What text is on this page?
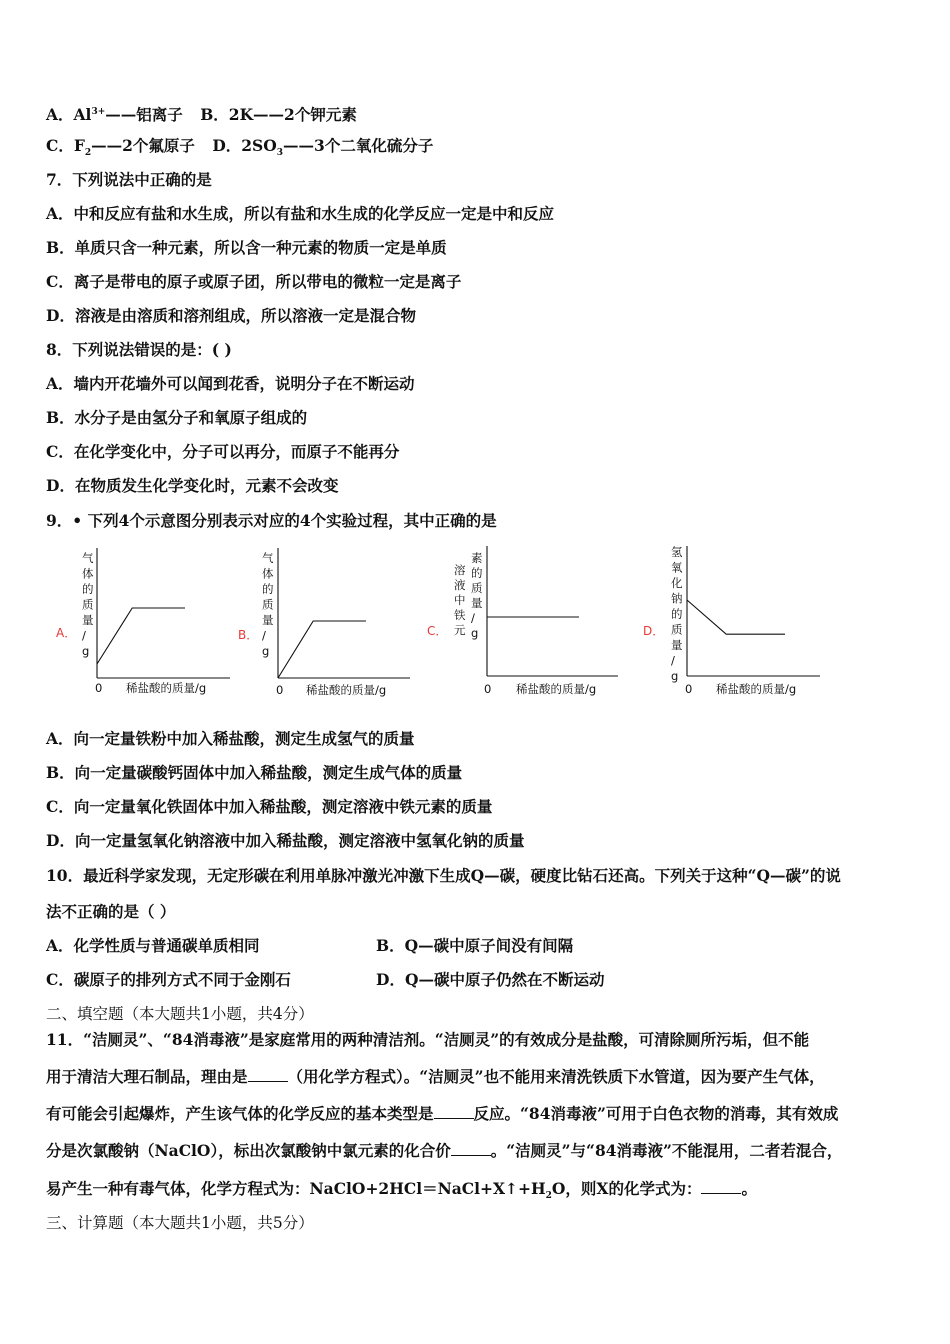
A．$Al^{3+}——$铝离子 B．2K——2个钾元素
C．$F_2——2$个氟原子 D．$2SO_3——3$个二氧化硫分子
7．下列说法中正确的是
A．中和反应有盐和水生成，所以有盐和水生成的化学反应一定是中和反应
B．单质只含一种元素，所以含一种元素的物质一定是单质
C．离子是带电的原子或原子团，所以带电的微粒一定是离子
D．溶液是由溶质和溶剂组成，所以溶液一定是混合物
8．下列说法错误的是：( )
A．墙内开花墙外可以闻到花香，说明分子在不断运动
B．水分子是由氢分子和氧原子组成的
C．在化学变化中，分子可以再分，而原子不能再分
D．在物质发生化学变化时，元素不会改变
9．• 下列4个示意图分别表示对应的4个实验过程，其中正确的是
A．
气体的质量/ g
0 稀盐酸的质量/g
B．
气体的质量/ g
0 稀盐酸的质量/g
C．
溶液中铁元
素的质量/ g
0 稀盐酸的质量/g
D．
氢氧化钠的质量/ g
0 稀盐酸的质量/g
A．向一定量铁粉中加入稀盐酸，测定生成氢气的质量
B．向一定量碳酸钙固体中加入稀盐酸，测定生成气体的质量
C．向一定量氧化铁固体中加入稀盐酸，测定溶液中铁元素的质量
D．向一定量氢氧化钠溶液中加入稀盐酸，测定溶液中氢氧化钠的质量
10．最近科学家发现，无定形碳在利用单脉冲激光冲激下生成Q—碳，硬度比钻石还高。下列关于这种“Q—碳”的说
法不正确的是（ ）
A．化学性质与普通碳单质相同	B．Q—碳中原子间没有间隔
C．碳原子的排列方式不同于金刚石	D．Q—碳中原子仍然在不断运动
二、填空题（本大题共1小题，共4分）
11．“洁厕灵”、“84消毒液”是家庭常用的两种清洁剂。“洁厕灵”的有效成分是盐酸，可清除厕所污垢，但不能
用于清洁大理石制品，理由是	（用化学方程式）。“洁厕灵”也不能用来清洗铁质下水管道，因为要产生气体，
有可能会引起爆炸，产生该气体的化学反应的基本类型是	反应。“84消毒液”可用于白色衣物的消毒，其有效成
分是次氯酸钠（NaClO），标出次氯酸钠中氯元素的化合价	。“洁厕灵”与“84消毒液”不能混用，二者若混合，
易产生一种有毒气体，化学方程式为：$NaClO+2HCl=NaCl+X↑+H_2O$，则X的化学式为：	。
三、计算题（本大题共1小题，共5分）
